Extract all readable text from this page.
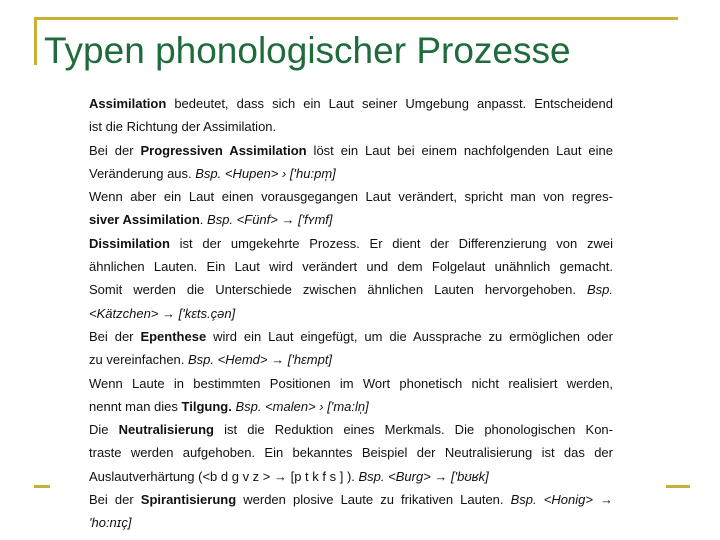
Typen phonologischer Prozesse
Assimilation bedeutet, dass sich ein Laut seiner Umgebung anpasst. Entscheidend
ist die Richtung der Assimilation.
Bei der Progressiven Assimilation löst ein Laut bei einem nachfolgenden Laut eine
Veränderung aus. Bsp. <Hupen> › ['hu:pm̩]
Wenn aber ein Laut einen vorausgegangen Laut verändert, spricht man von regres-
siver Assimilation. Bsp. <Fünf> → ['fʏmf]
Dissimilation ist der umgekehrte Prozess. Er dient der Differenzierung von zwei
ähnlichen Lauten. Ein Laut wird verändert und dem Folgelaut unähnlich gemacht.
Somit werden die Unterschiede zwischen ähnlichen Lauten hervorgehoben. Bsp.
<Kätzchen> → ['kɛts.çən]
Bei der Epenthese wird ein Laut eingefügt, um die Aussprache zu ermöglichen oder
zu vereinfachen. Bsp. <Hemd> → ['hɛmpt]
Wenn Laute in bestimmten Positionen im Wort phonetisch nicht realisiert werden,
nennt man dies Tilgung. Bsp. <malen> › ['ma:ln̩]
Die Neutralisierung ist die Reduktion eines Merkmals. Die phonologischen Kon-
traste werden aufgehoben. Ein bekanntes Beispiel der Neutralisierung ist das der
Auslautverhärtung (<b d g v z > → [p t k f s ] ). Bsp. <Burg> → ['bʊʁk]
Bei der Spirantisierung werden plosive Laute zu frikativen Lauten. Bsp. <Honig> →
'ho:nɪç]
